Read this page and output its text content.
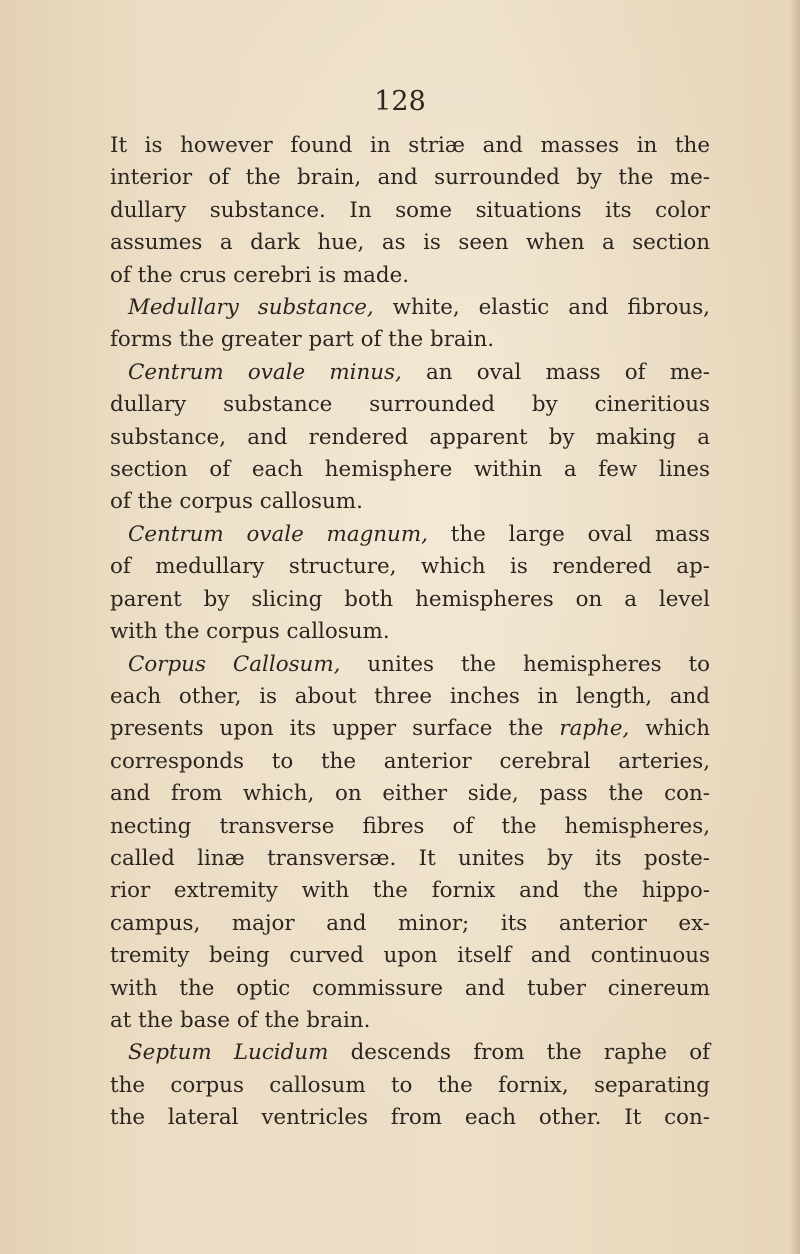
128
It is however found in striæ and masses in the
interior of the brain, and surrounded by the me-
dullary substance. In some situations its color
assumes a dark hue, as is seen when a section
of the crus cerebri is made.
Medullary substance, white, elastic and fibrous,
forms the greater part of the brain.
Centrum ovale minus, an oval mass of me-
dullary substance surrounded by cineritious
substance, and rendered apparent by making a
section of each hemisphere within a few lines
of the corpus callosum.
Centrum ovale magnum, the large oval mass
of medullary structure, which is rendered ap-
parent by slicing both hemispheres on a level
with the corpus callosum.
Corpus Callosum, unites the hemispheres to
each other, is about three inches in length, and
presents upon its upper surface the raphe, which
corresponds to the anterior cerebral arteries,
and from which, on either side, pass the con-
necting transverse fibres of the hemispheres,
called linæ transversæ. It unites by its poste-
rior extremity with the fornix and the hippo-
campus, major and minor; its anterior ex-
tremity being curved upon itself and continuous
with the optic commissure and tuber cinereum
at the base of the brain.
Septum Lucidum descends from the raphe of
the corpus callosum to the fornix, separating
the lateral ventricles from each other. It con-
